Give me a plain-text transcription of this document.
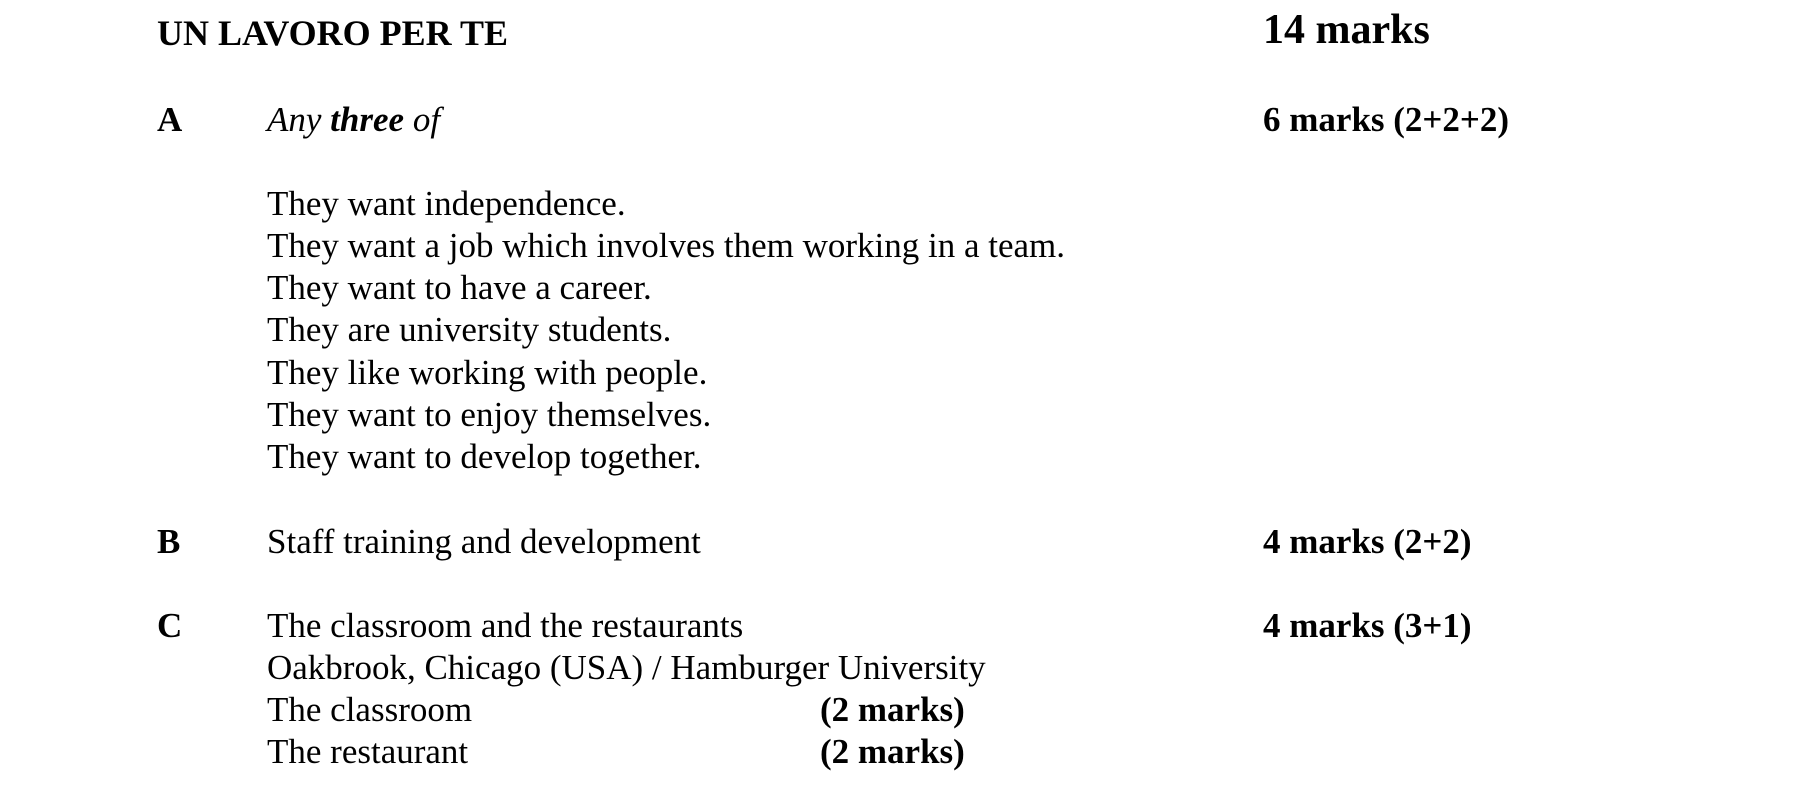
UN LAVORO PER TE	14 marks
A Any three of	6 marks (2+2+2)
They want independence.
They want a job which involves them working in a team.
They want to have a career.
They are university students.
They like working with people.
They want to enjoy themselves.
They want to develop together.
B Staff training and development	4 marks (2+2)
C The classroom and the restaurants	4 marks (3+1)
Oakbrook, Chicago (USA) / Hamburger University
The classroom	(2 marks)
The restaurant	(2 marks)
